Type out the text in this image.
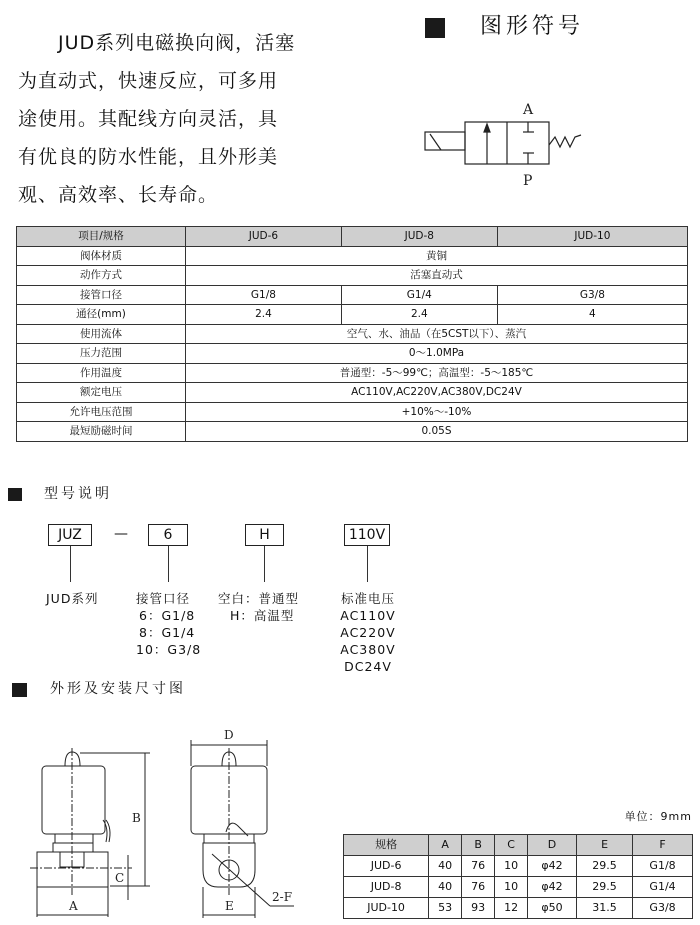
　　JUD系列电磁换向阀，活塞

为直动式，快速反应，可多用

途使用。其配线方向灵活，具

有优良的防水性能，且外形美

观、高效率、长寿命。

图形符号
A
P
项目/规格	JUD-6	JUD-8	JUD-10
阀体材质	黄铜		
动作方式	活塞直动式		
接管口径	G1/8	G1/4	G3/8
通径(mm)	2.4	2.4	4
使用流体	空气、水、油品（在5CST以下）、蒸汽		
压力范围	0～1.0MPa		
作用温度	普通型：-5～99℃；高温型：-5～185℃		
额定电压	AC110V,AC220V,AC380V,DC24V		
允许电压范围	+10%～-10%		
最短励磁时间	0.05S		
型号说明
JUZ	—	6	H	110V
JUD系列	接管口径
6：G1/8
8：G1/4
10：G3/8
空白：普通型
H：高温型
标准电压
AC110V
AC220V
AC380V
DC24V
外形及安装尺寸图
A
B
C
D
E
2-F
单位：9mm
规格	A	B	C	D	E	F
JUD-6	40	76	10	φ42	29.5	G1/8
JUD-8	40	76	10	φ42	29.5	G1/4
JUD-10	53	93	12	φ50	31.5	G3/8
